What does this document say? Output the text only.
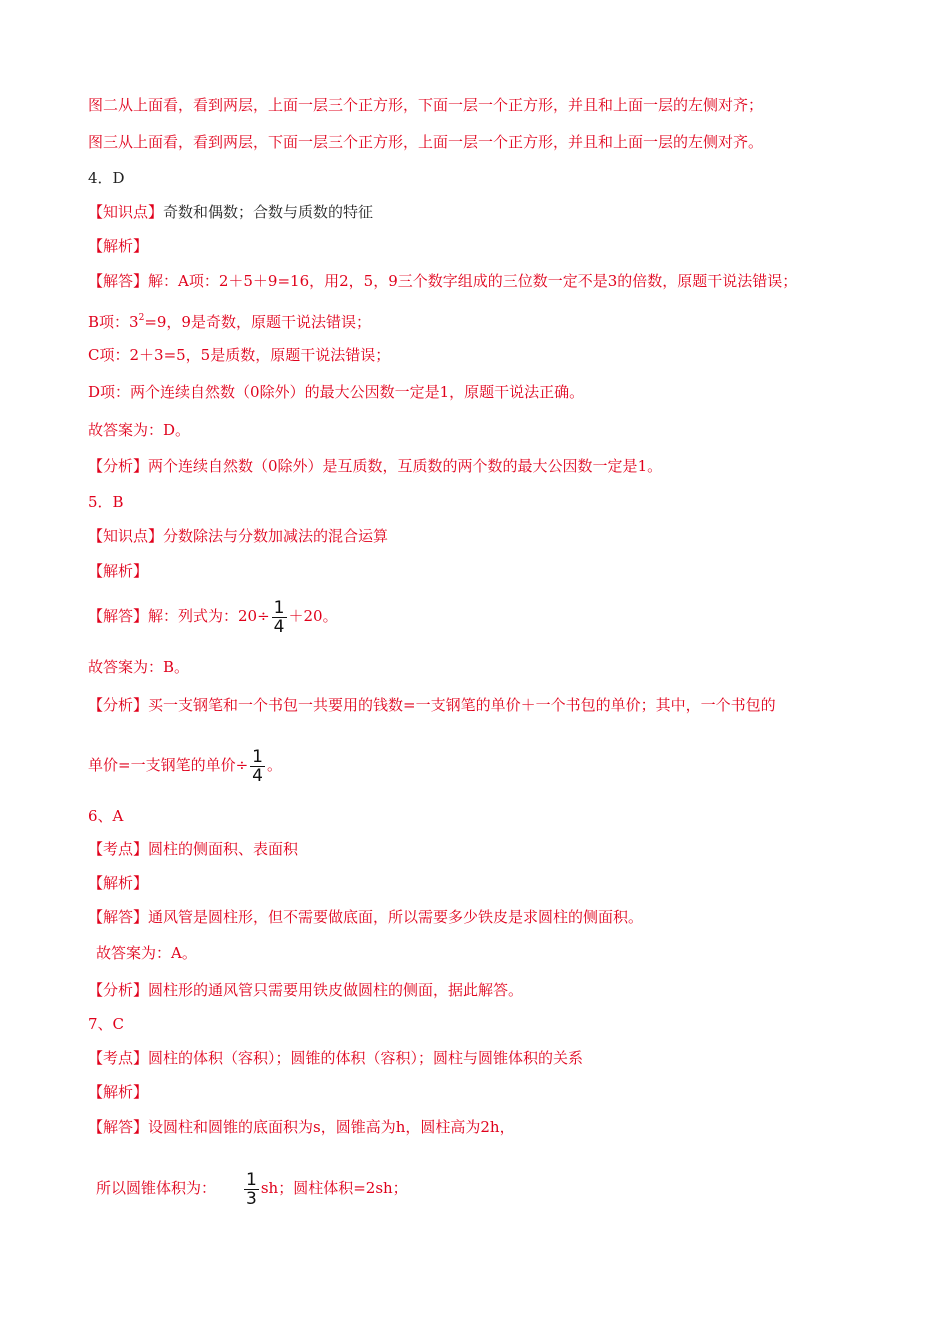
图二从上面看，看到两层，上面一层三个正方形，下面一层一个正方形，并且和上面一层的左侧对齐；
图三从上面看，看到两层，下面一层三个正方形，上面一层一个正方形，并且和上面一层的左侧对齐。
4．D
【知识点】奇数和偶数；合数与质数的特征
【解析】
【解答】解：A项：2＋5＋9=16，用2，5，9三个数字组成的三位数一定不是3的倍数，原题干说法错误；
B项：$3^2=9$，9是奇数，原题干说法错误；
C项：2＋3=5，5是质数，原题干说法错误；
D项：两个连续自然数（0除外）的最大公因数一定是1，原题干说法正确。
故答案为：D。
【分析】两个连续自然数（0除外）是互质数，互质数的两个数的最大公因数一定是1。
5．B
【知识点】分数除法与分数加减法的混合运算
【解析】
【解答】解：列式为：$20\div \frac{1}{4} +20$。
故答案为：B。
【分析】买一支钢笔和一个书包一共要用的钱数=一支钢笔的单价＋一个书包的单价；其中，一个书包的
单价=一支钢笔的单价÷ $\frac{1}{4}$ 。
6、A
【考点】圆柱的侧面积、表面积
【解析】
【解答】通风管是圆柱形，但不需要做底面，所以需要多少铁皮是求圆柱的侧面积。
故答案为：A。
【分析】圆柱形的通风管只需要用铁皮做圆柱的侧面，据此解答。
7、C
【考点】圆柱的体积（容积）；圆锥的体积（容积）；圆柱与圆锥体积的关系
【解析】
【解答】设圆柱和圆锥的底面积为s，圆锥高为h，圆柱高为2h，
所以圆锥体积为： $\frac{1}{3}$ sh；圆柱体积=2sh；
